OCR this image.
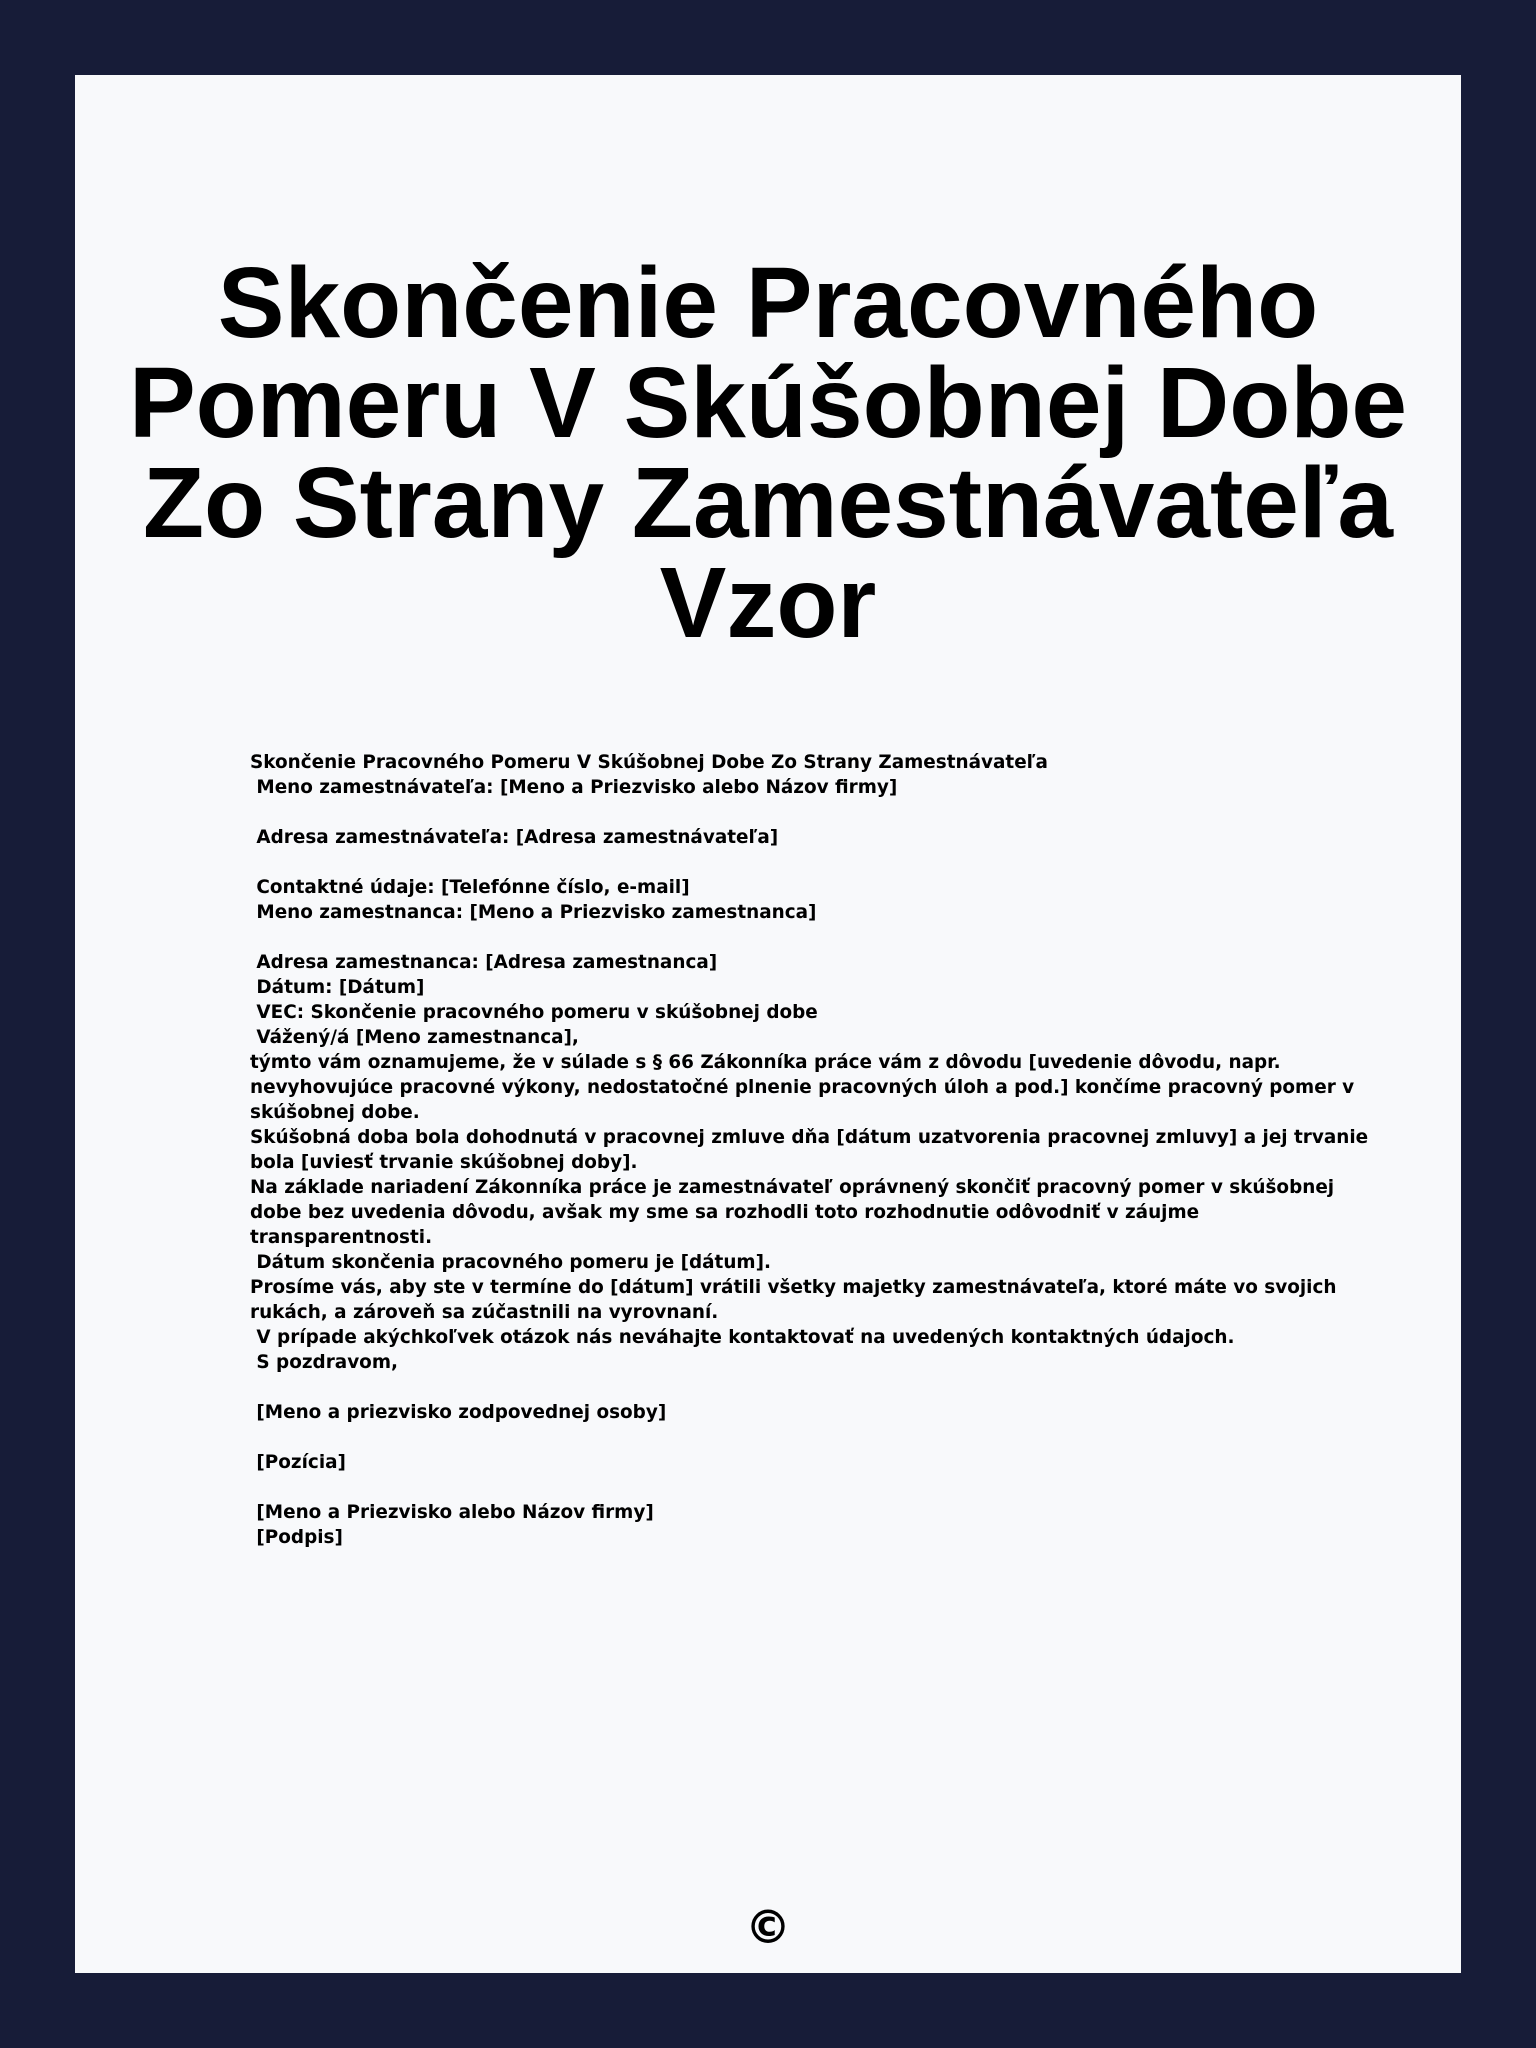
Skončenie Pracovného
Pomeru V Skúšobnej Dobe
Zo Strany Zamestnávateľa
Vzor
Skončenie Pracovného Pomeru V Skúšobnej Dobe Zo Strany Zamestnávateľa
Meno zamestnávateľa: [Meno a Priezvisko alebo Názov firmy]
Adresa zamestnávateľa: [Adresa zamestnávateľa]
Contaktné údaje: [Telefónne číslo, e-mail]
Meno zamestnanca: [Meno a Priezvisko zamestnanca]
Adresa zamestnanca: [Adresa zamestnanca]
Dátum: [Dátum]
VEC: Skončenie pracovného pomeru v skúšobnej dobe
Vážený/á [Meno zamestnanca],
týmto vám oznamujeme, že v súlade s § 66 Zákonníka práce vám z dôvodu [uvedenie dôvodu, napr.
nevyhovujúce pracovné výkony, nedostatočné plnenie pracovných úloh a pod.] končíme pracovný pomer v
skúšobnej dobe.
Skúšobná doba bola dohodnutá v pracovnej zmluve dňa [dátum uzatvorenia pracovnej zmluvy] a jej trvanie
bola [uviesť trvanie skúšobnej doby].
Na základe nariadení Zákonníka práce je zamestnávateľ oprávnený skončiť pracovný pomer v skúšobnej
dobe bez uvedenia dôvodu, avšak my sme sa rozhodli toto rozhodnutie odôvodniť v záujme
transparentnosti.
Dátum skončenia pracovného pomeru je [dátum].
Prosíme vás, aby ste v termíne do [dátum] vrátili všetky majetky zamestnávateľa, ktoré máte vo svojich
rukách, a zároveň sa zúčastnili na vyrovnaní.
V prípade akýchkoľvek otázok nás neváhajte kontaktovať na uvedených kontaktných údajoch.
S pozdravom,
[Meno a priezvisko zodpovednej osoby]
[Pozícia]
[Meno a Priezvisko alebo Názov firmy]
[Podpis]
©
